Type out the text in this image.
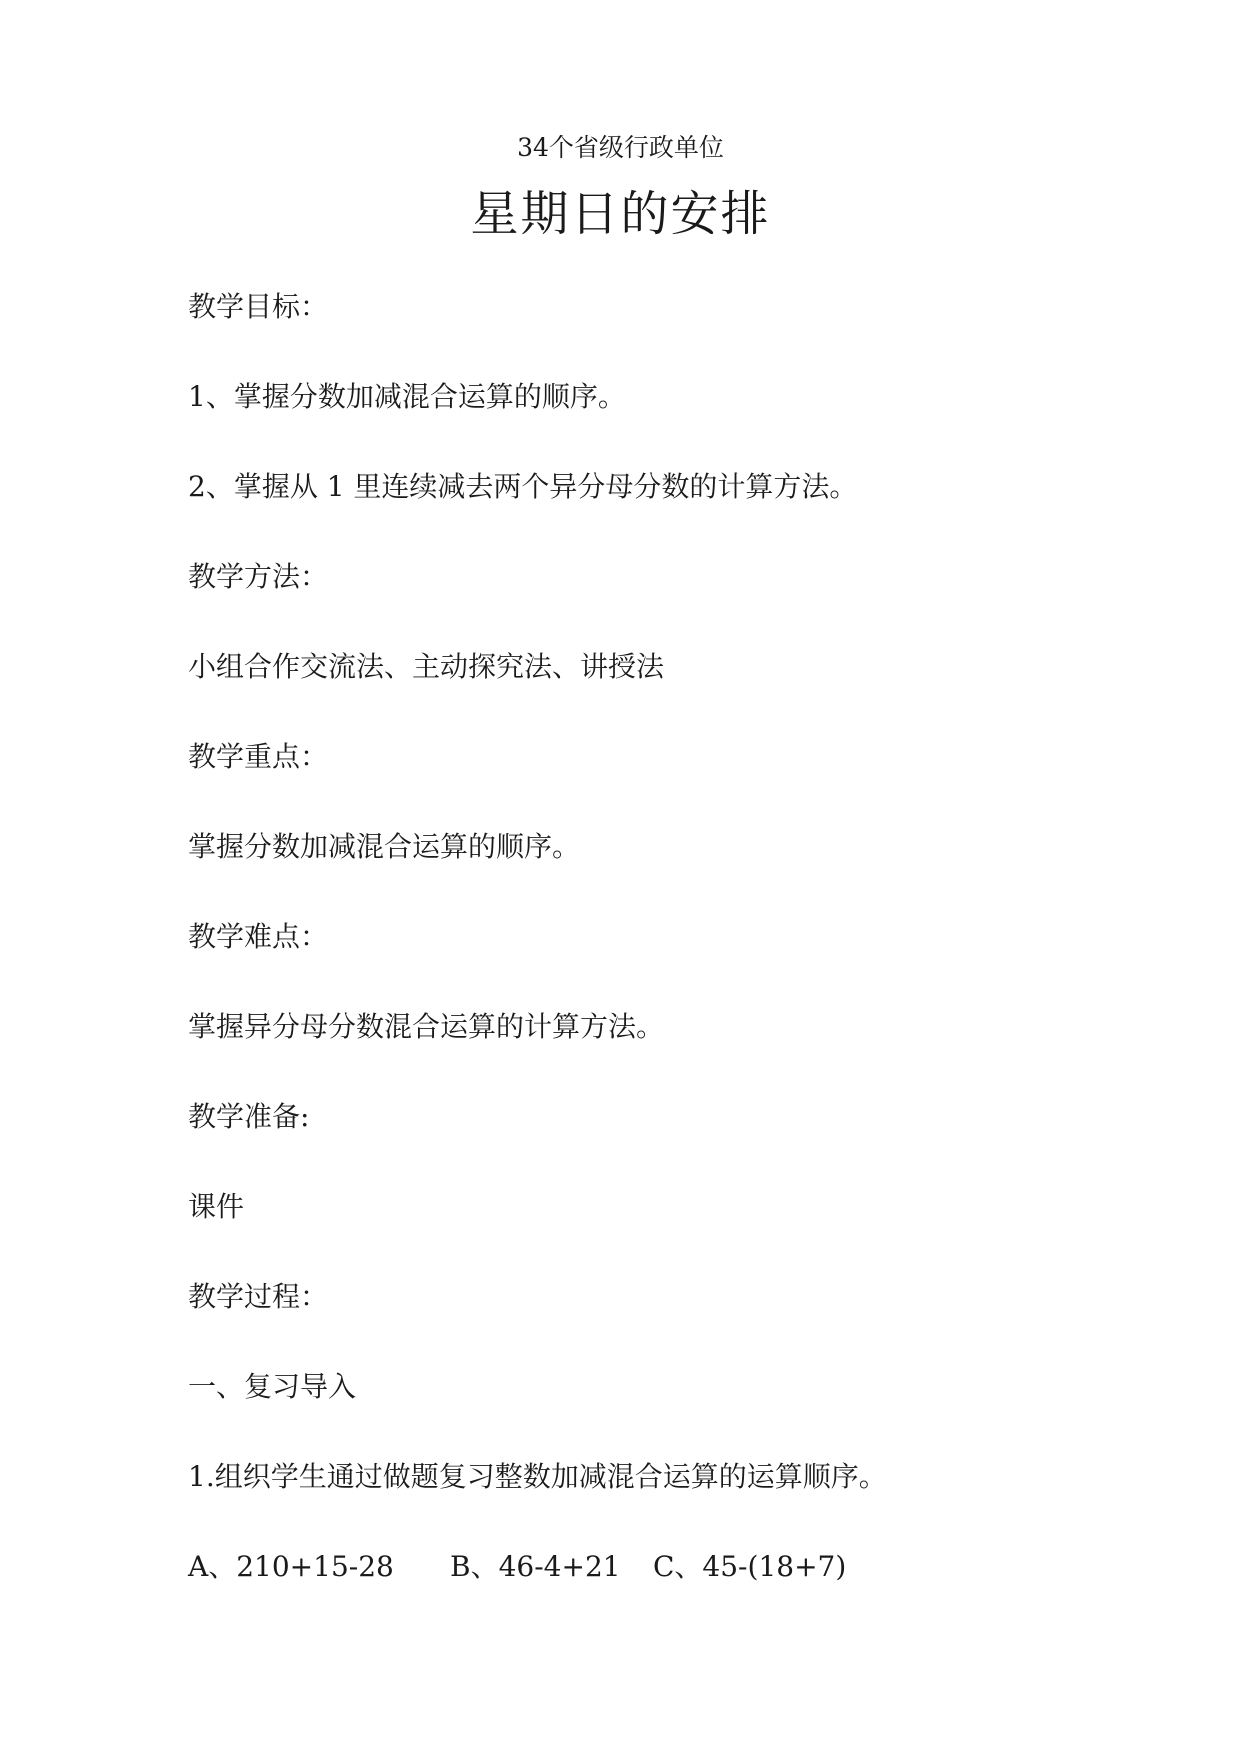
34个省级行政单位
星期日的安排
教学目标：
1、掌握分数加减混合运算的顺序。
2、掌握从 1 里连续减去两个异分母分数的计算方法。
教学方法：
小组合作交流法、主动探究法、讲授法
教学重点：
掌握分数加减混合运算的顺序。
教学难点：
掌握异分母分数混合运算的计算方法。
教学准备:
课件
教学过程：
一、复习导入
1.组织学生通过做题复习整数加减混合运算的运算顺序。
A、210+15-28 B、46-4+21 C、45-(18+7)
